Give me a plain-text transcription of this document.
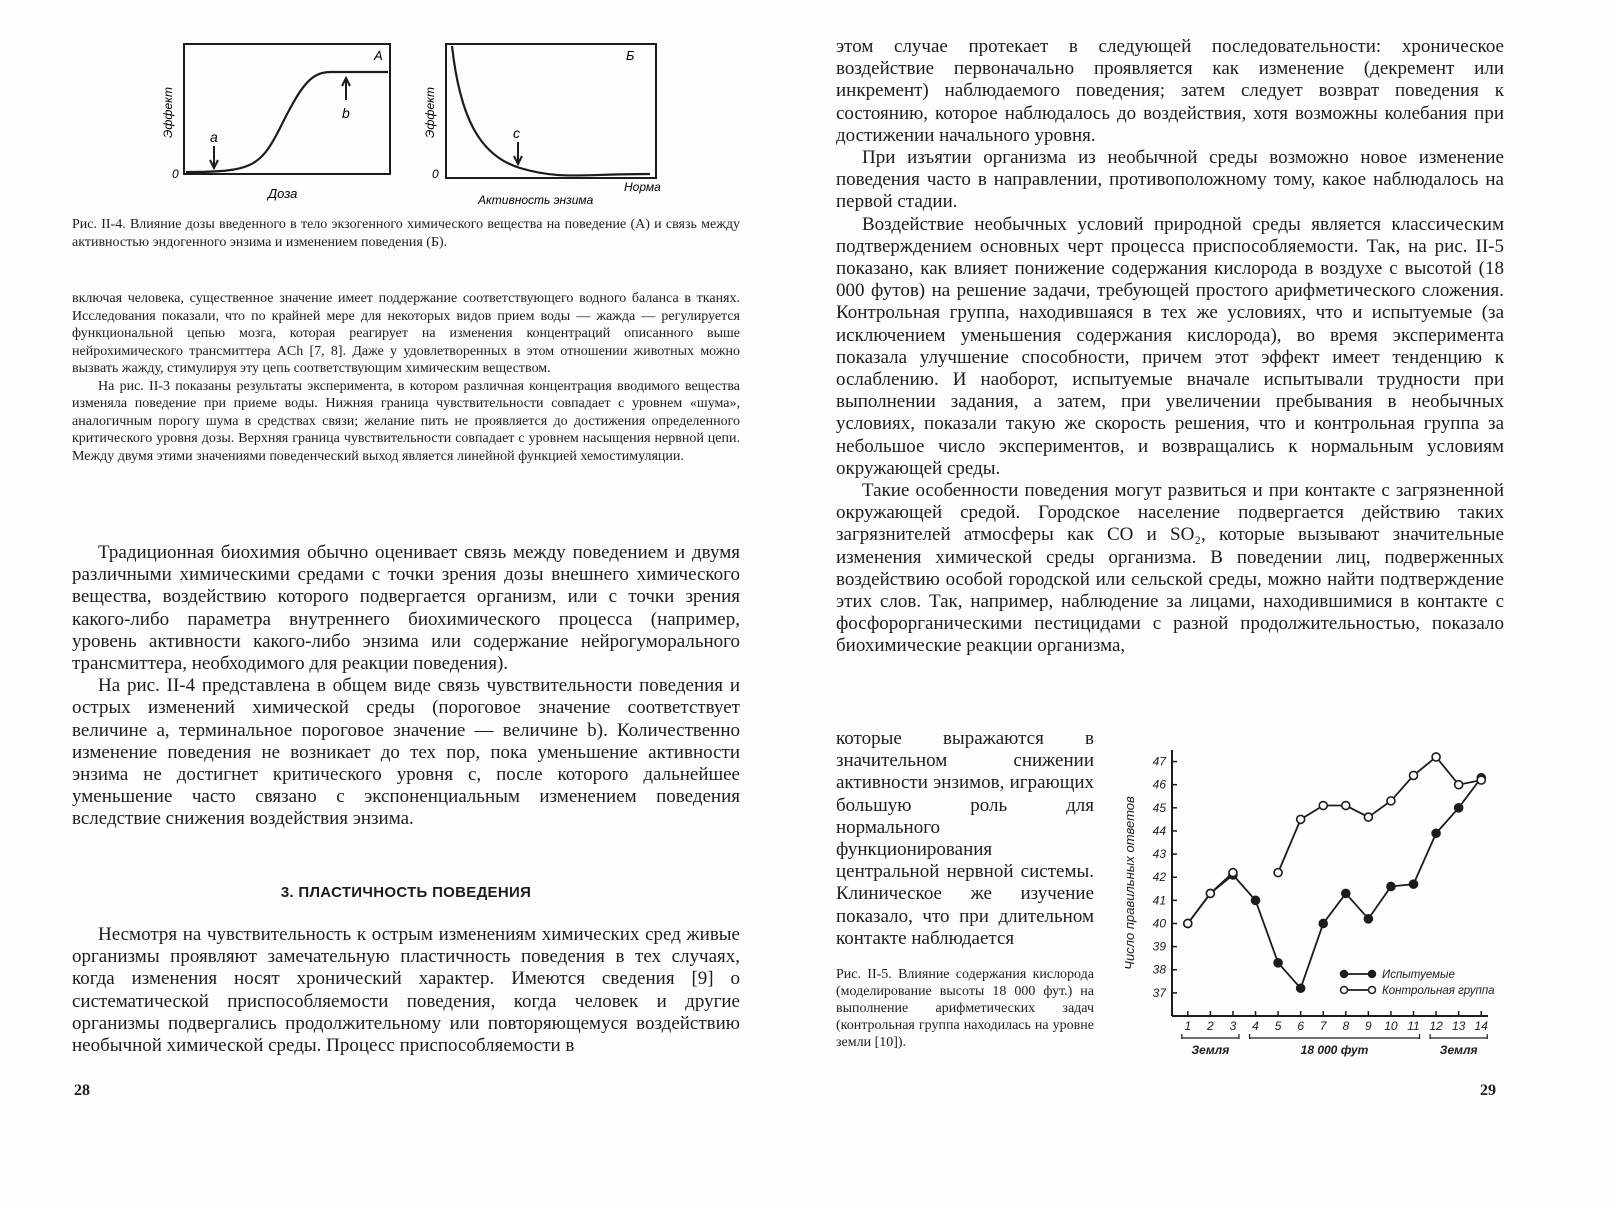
А
a
b
0
Доза
Эффект
Б
c
0
Активность энзима
Норма
Эффект
Рис. II-4. Влияние дозы введенного в тело экзогенного химического вещества на поведение (А) и связь между активностью эндогенного энзима и изменением поведения (Б).

включая человека, существенное значение имеет поддержание соответствующего водного баланса в тканях. Исследования показали, что по крайней мере для некоторых видов прием воды — жажда — регулируется функциональной цепью мозга, которая реагирует на изменения концентраций описанного выше нейрохимического трансмиттера ACh [7, 8]. Даже у удовлетворенных в этом отношении животных можно вызвать жажду, стимулируя эту цепь соответствующим химическим веществом.

На рис. II-3 показаны результаты эксперимента, в котором различная концентрация вводимого вещества изменяла поведение при приеме воды. Нижняя граница чувствительности совпадает с уровнем «шума», аналогичным порогу шума в средствах связи; желание пить не проявляется до достижения определенного критического уровня дозы. Верхняя граница чувствительности совпадает с уровнем насыщения нервной цепи. Между двумя этими значениями поведенческий выход является линейной функцией хемостимуляции.

Традиционная биохимия обычно оценивает связь между поведением и двумя различными химическими средами с точки зрения дозы внешнего химического вещества, воздействию которого подвергается организм, или с точки зрения какого-либо параметра внутреннего биохимического процесса (например, уровень активности какого-либо энзима или содержание нейрогуморального трансмиттера, необходимого для реакции поведения).

На рис. II-4 представлена в общем виде связь чувствительности поведения и острых изменений химической среды (пороговое значение соответствует величине a, терминальное пороговое значение — величине b). Количественно изменение поведения не возникает до тех пор, пока уменьшение активности энзима не достигнет критического уровня c, после которого дальнейшее уменьшение часто связано с экспоненциальным изменением поведения вследствие снижения воздействия энзима.

3. ПЛАСТИЧНОСТЬ ПОВЕДЕНИЯ

Несмотря на чувствительность к острым изменениям химических сред живые организмы проявляют замечательную пластичность поведения в тех случаях, когда изменения носят хронический характер. Имеются сведения [9] о систематической приспособляемости поведения, когда человек и другие организмы подвергались продолжительному или повторяющемуся воздействию необычной химической среды. Процесс приспособляемости в

28

этом случае протекает в следующей последовательности: хроническое воздействие первоначально проявляется как изменение (декремент или инкремент) наблюдаемого поведения; затем следует возврат поведения к состоянию, которое наблюдалось до воздействия, хотя возможны колебания при достижении начального уровня.

При изъятии организма из необычной среды возможно новое изменение поведения часто в направлении, противоположному тому, какое наблюдалось на первой стадии.

Воздействие необычных условий природной среды является классическим подтверждением основных черт процесса приспособляемости. Так, на рис. II-5 показано, как влияет понижение содержания кислорода в воздухе с высотой (18 000 футов) на решение задачи, требующей простого арифметического сложения. Контрольная группа, находившаяся в тех же условиях, что и испытуемые (за исключением уменьшения содержания кислорода), во время эксперимента показала улучшение способности, причем этот эффект имеет тенденцию к ослаблению. И наоборот, испытуемые вначале испытывали трудности при выполнении задания, а затем, при увеличении пребывания в необычных условиях, показали такую же скорость решения, что и контрольная группа за небольшое число экспериментов, и возвращались к нормальным условиям окружающей среды.

Такие особенности поведения могут развиться и при контакте с загрязненной окружающей средой. Городское население подвергается действию таких загрязнителей атмосферы как CO и SO₂, которые вызывают значительные изменения химической среды организма. В поведении лиц, подверженных воздействию особой городской или сельской среды, можно найти подтверждение этих слов. Так, например, наблюдение за лицами, находившимися в контакте с фосфорорганическими пестицидами с разной продолжительностью, показало биохимические реакции организма,

которые выражаются в значительном снижении активности энзимов, играющих большую роль для нормального функционирования центральной нервной системы. Клиническое же изучение показало, что при длительном контакте наблюдается

Рис. II-5. Влияние содержания кислорода (моделирование высоты 18 000 фут.) на выполнение арифметических задач (контрольная группа находилась на уровне земли [10]).
37
38
39
40
41
42
43
44
45
46
47
1 2 3 4 5 6 7 8 9 10 11 12 13 14
Число правильных ответов
Земля	18 000 фут	Земля
Испытуемые
Контрольная группа
29
